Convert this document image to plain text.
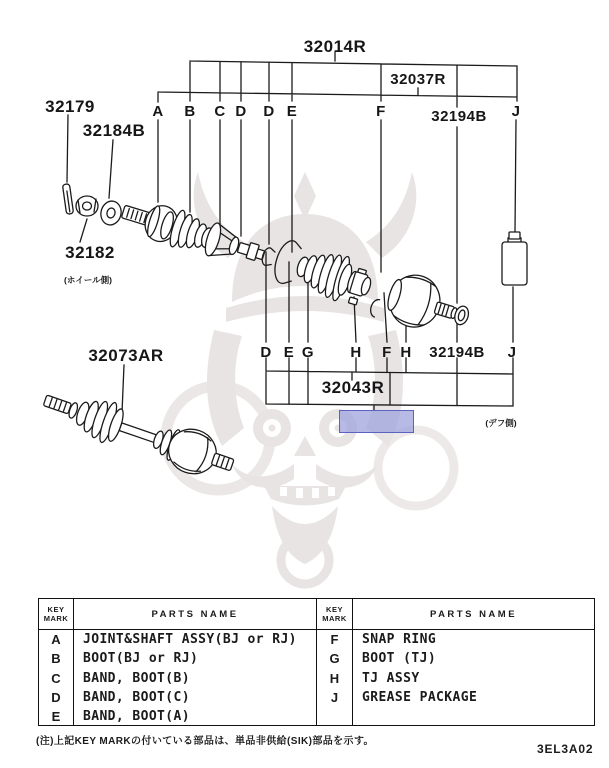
32014R
32037R
32179
32184B
32182
(ホイール側)
32073AR
32043R
32194B
32194B
(デフ側)
A B C D D E	F	J
D E G H F H	J
KEY
MARK	PARTS NAME	KEY
MARK	PARTS NAME
A	JOINT&SHAFT ASSY(BJ or RJ)	F	SNAP RING
B	BOOT(BJ or RJ)	G	BOOT (TJ)
C	BAND, BOOT(B)	H	TJ ASSY
D	BAND, BOOT(C)	J	GREASE PACKAGE
E	BAND, BOOT(A)
(注)上記KEY MARKの付いている部品は、単品非供給(SIK)部品を示す。
3EL3A02
